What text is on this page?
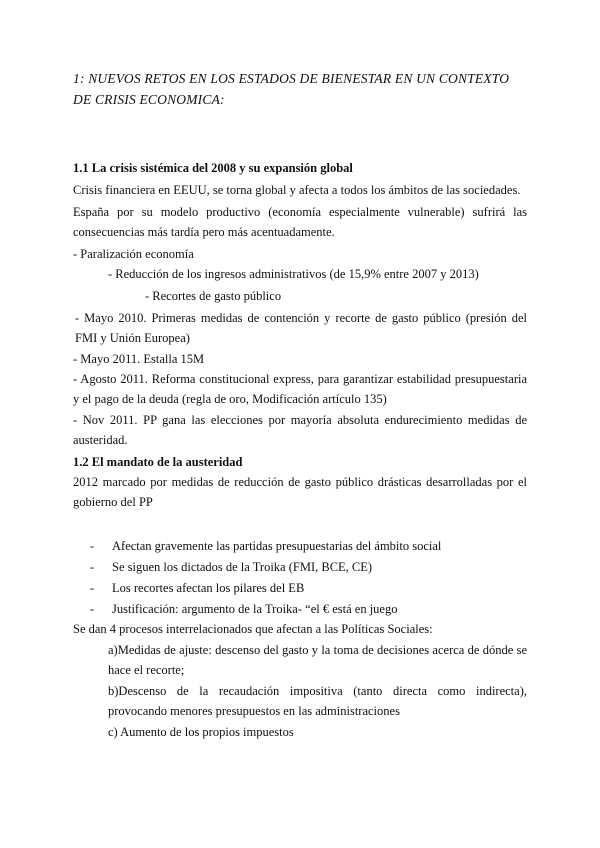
1: NUEVOS RETOS EN LOS ESTADOS DE BIENESTAR EN UN CONTEXTO DE CRISIS ECONOMICA:
1.1 La crisis sistémica del 2008 y su expansión global
Crisis financiera en EEUU, se torna global y afecta a todos los ámbitos de las sociedades.
España por su modelo productivo (economía especialmente vulnerable) sufrirá las consecuencias más tardía pero más acentuadamente.
- Paralización economía
- Reducción de los ingresos administrativos (de 15,9% entre 2007 y 2013)
- Recortes de gasto público
- Mayo 2010. Primeras medidas de contención y recorte de gasto público (presión del FMI y Unión Europea)
- Mayo 2011. Estalla 15M
- Agosto 2011. Reforma constitucional express, para garantizar estabilidad presupuestaria y el pago de la deuda (regla de oro, Modificación artículo 135)
- Nov 2011. PP gana las elecciones por mayoría absoluta endurecimiento medidas de austeridad.
1.2 El mandato de la austeridad
2012 marcado por medidas de reducción de gasto público drásticas desarrolladas por el gobierno del PP
- Afectan gravemente las partidas presupuestarias del ámbito social
- Se siguen los dictados de la Troika (FMI, BCE, CE)
- Los recortes afectan los pilares del EB
- Justificación: argumento de la Troika- “el € está en juego
Se dan 4 procesos interrelacionados que afectan a las Políticas Sociales:
a)Medidas de ajuste: descenso del gasto y la toma de decisiones acerca de dónde se hace el recorte;
b)Descenso de la recaudación impositiva (tanto directa como indirecta), provocando menores presupuestos en las administraciones
c) Aumento de los propios impuestos
